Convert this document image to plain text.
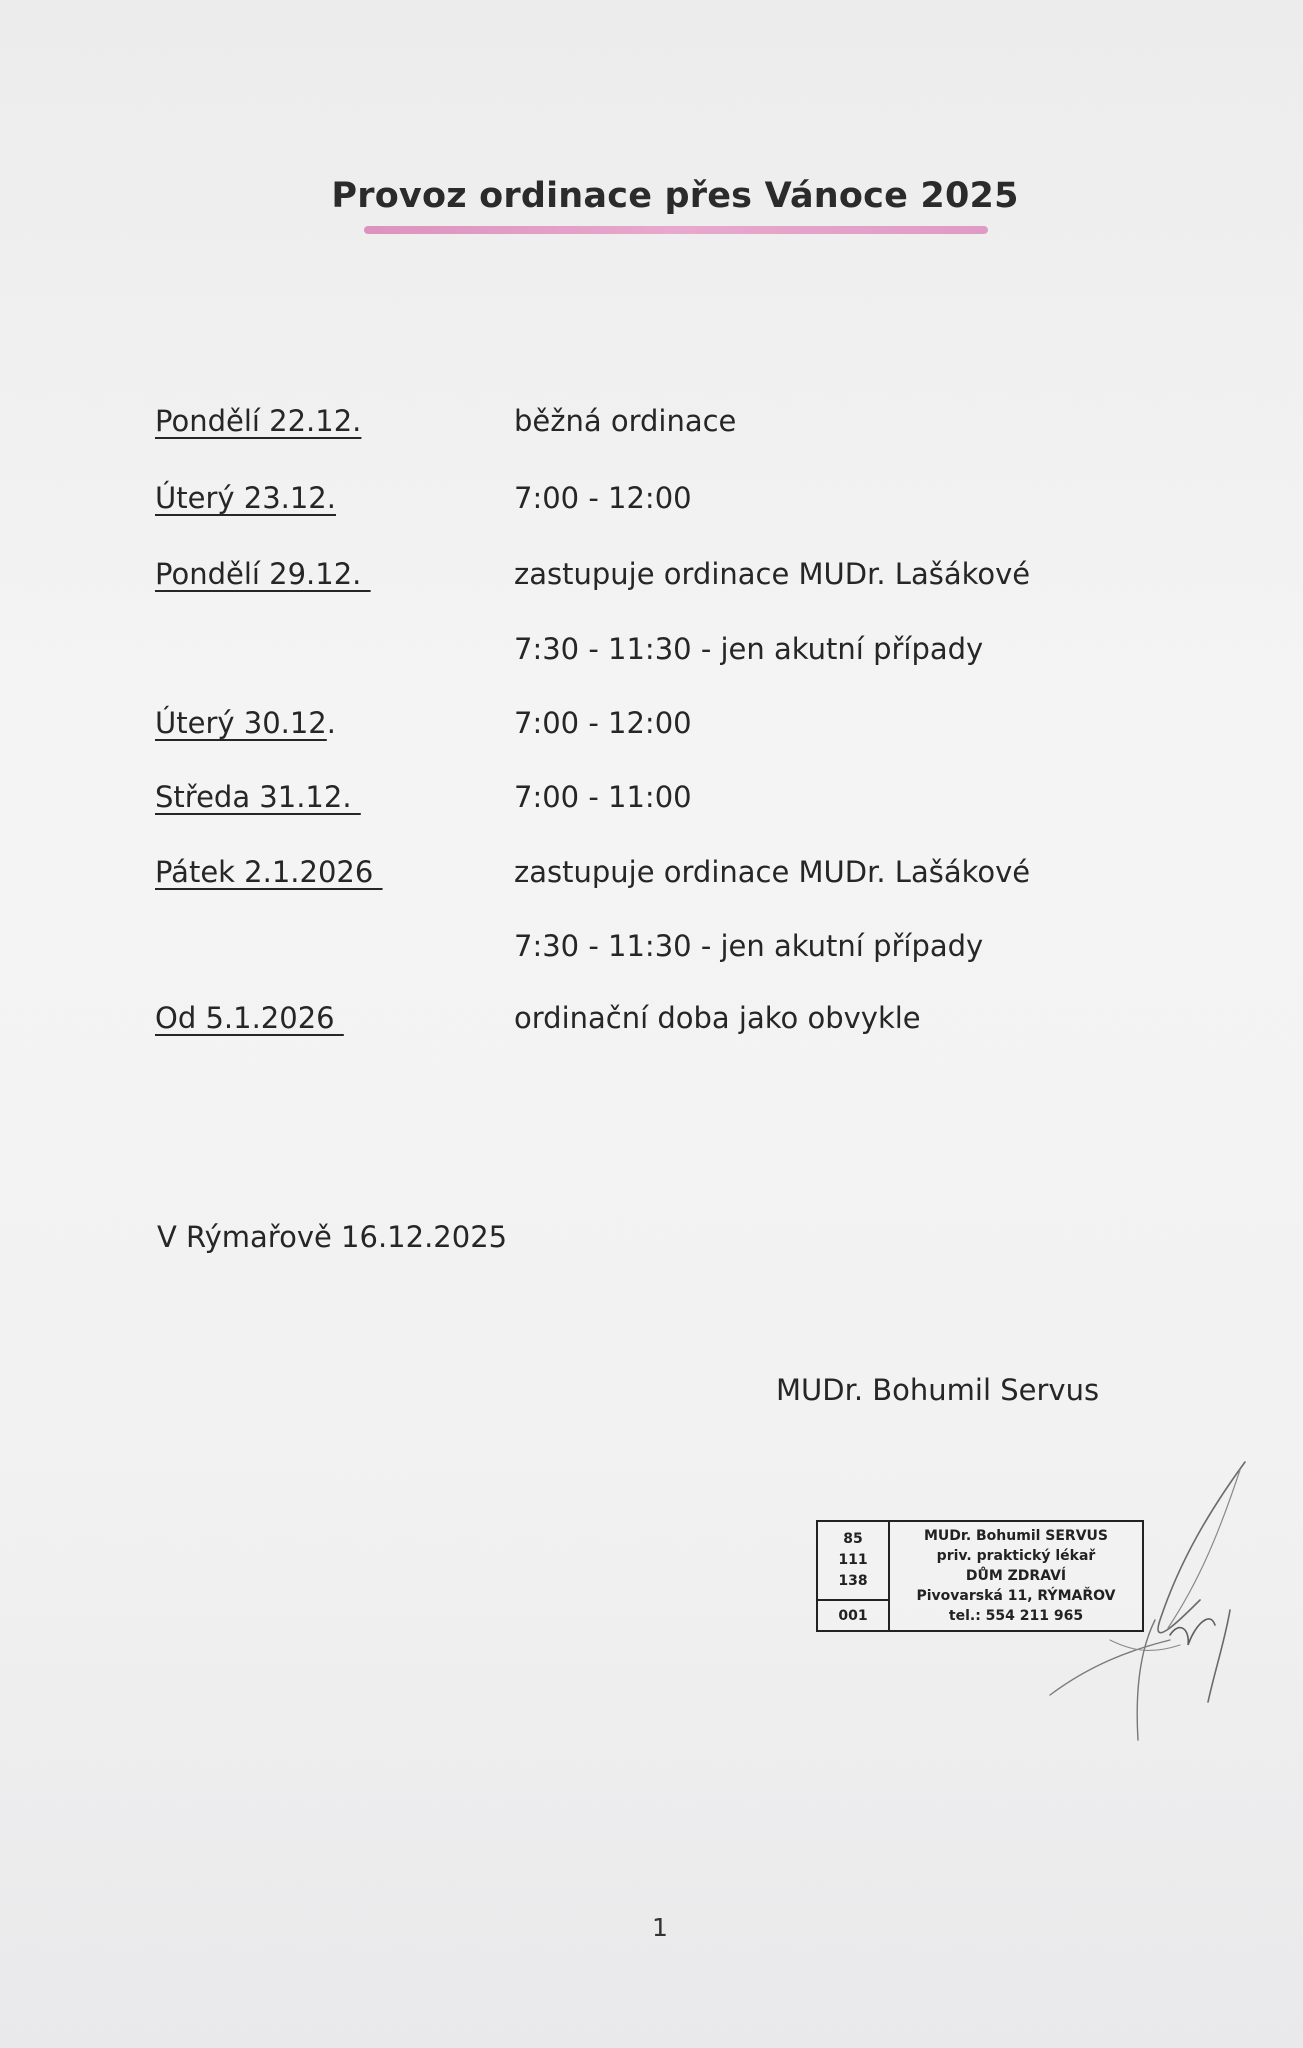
Provoz ordinace přes Vánoce 2025
Pondělí 22.12.	běžná ordinace
Úterý 23.12.	7:00 - 12:00
Pondělí 29.12.	zastupuje ordinace MUDr. Lašákové
7:30 - 11:30 - jen akutní případy
Úterý 30.12.	7:00 - 12:00
Středa 31.12.	7:00 - 11:00
Pátek 2.1.2026	zastupuje ordinace MUDr. Lašákové
7:30 - 11:30 - jen akutní případy
Od 5.1.2026	ordinační doba jako obvykle
V Rýmařově 16.12.2025
MUDr. Bohumil Servus
85
111
138
001
MUDr. Bohumil SERVUS
priv. praktický lékař
DŮM ZDRAVÍ
Pivovarská 11, RÝMAŘOV
tel.: 554 211 965
1
